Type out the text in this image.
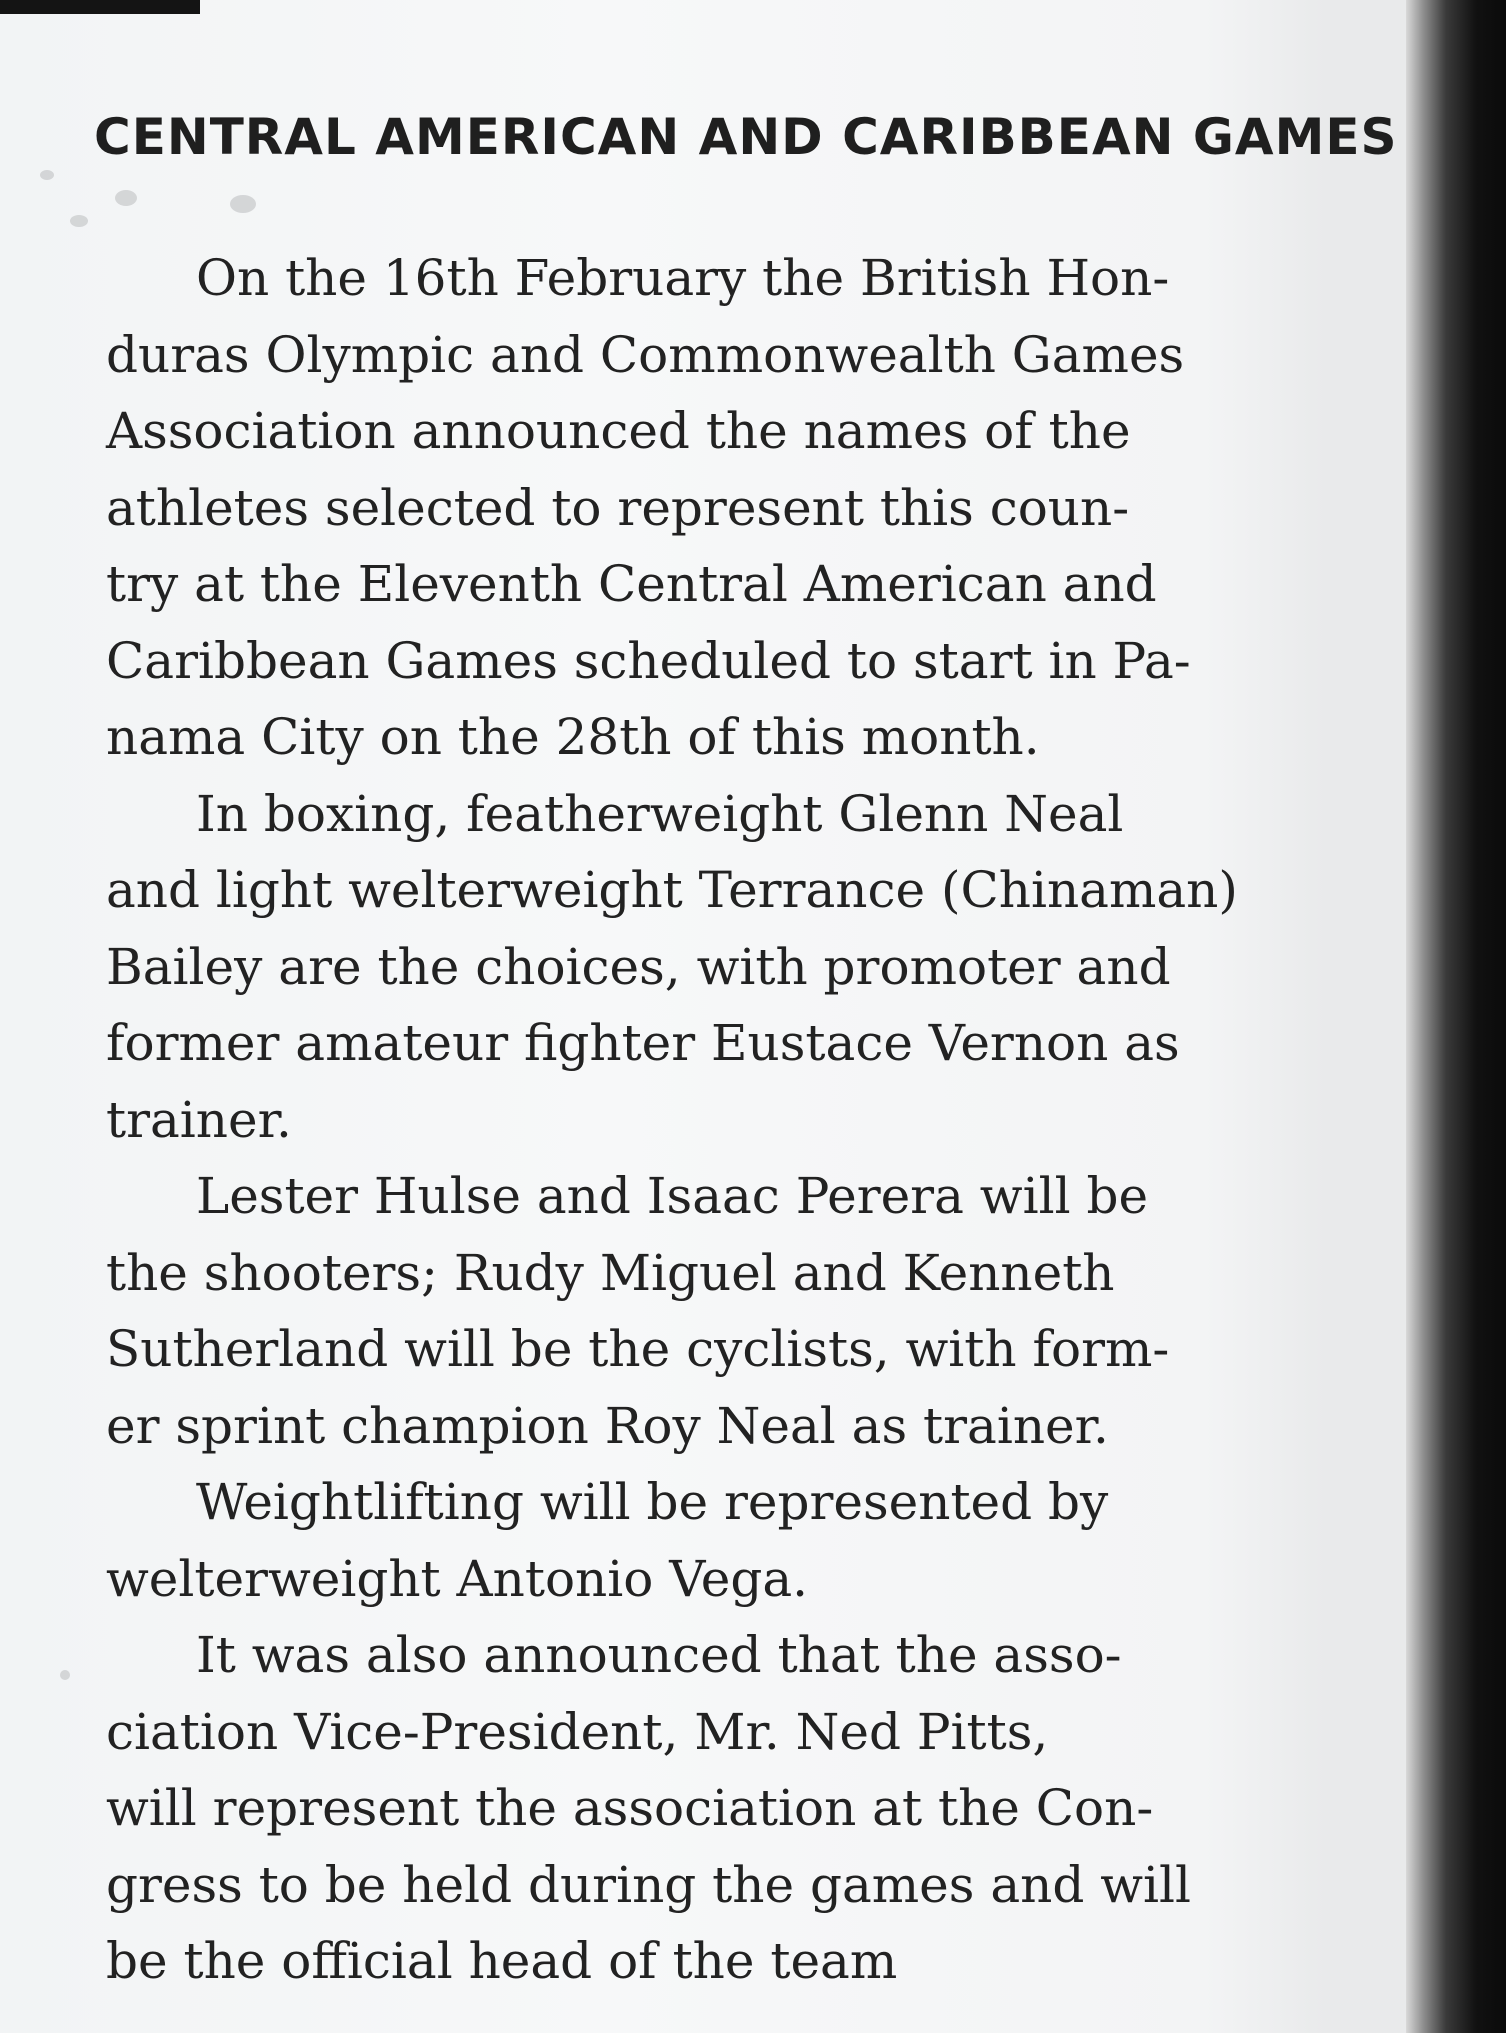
CENTRAL AMERICAN AND CARIBBEAN GAMES
On the 16th February the British Hon-
duras Olympic and Commonwealth Games
Association announced the names of the
athletes selected to represent this coun-
try at the Eleventh Central American and
Caribbean Games scheduled to start in Pa-
nama City on the 28th of this month.
In boxing, featherweight Glenn Neal
and light welterweight Terrance (Chinaman)
Bailey are the choices, with promoter and
former amateur fighter Eustace Vernon as
trainer.
Lester Hulse and Isaac Perera will be
the shooters; Rudy Miguel and Kenneth
Sutherland will be the cyclists, with form-
er sprint champion Roy Neal as trainer.
Weightlifting will be represented by
welterweight Antonio Vega.
It was also announced that the asso-
ciation Vice-President, Mr. Ned Pitts,
will represent the association at the Con-
gress to be held during the games and will
be the official head of the team
